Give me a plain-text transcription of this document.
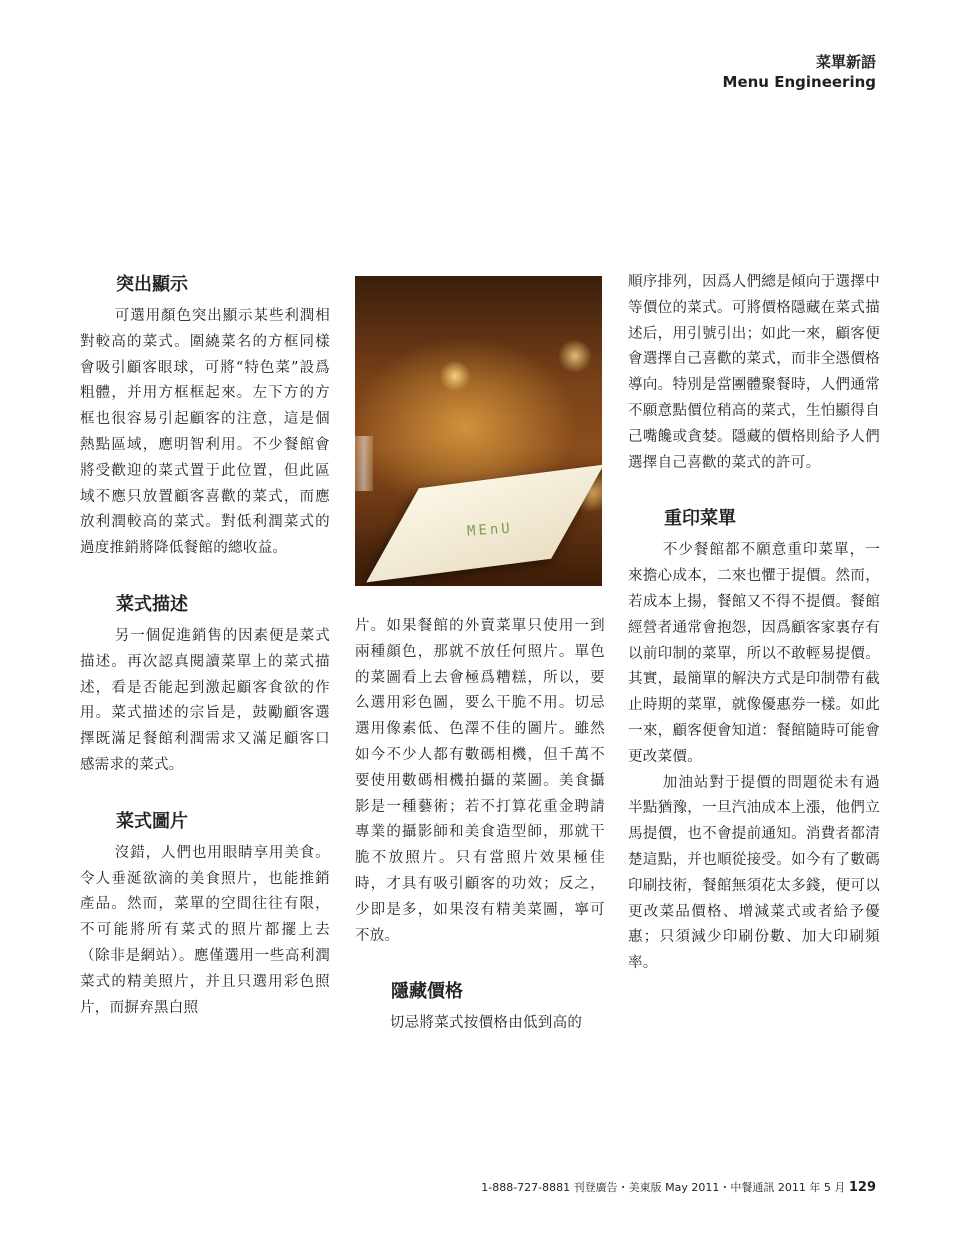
菜單新語
Menu Engineering
突出顯示

可選用顏色突出顯示某些利潤相對較高的菜式。圍繞菜名的方框同樣會吸引顧客眼球，可將“特色菜”設爲粗體，并用方框框起來。左下方的方框也很容易引起顧客的注意，這是個熱點區域，應明智利用。不少餐館會將受歡迎的菜式置于此位置，但此區域不應只放置顧客喜歡的菜式，而應放利潤較高的菜式。對低利潤菜式的過度推銷將降低餐館的總收益。

菜式描述

另一個促進銷售的因素便是菜式描述。再次認真閱讀菜單上的菜式描述，看是否能起到激起顧客食欲的作用。菜式描述的宗旨是，鼓勵顧客選擇既滿足餐館利潤需求又滿足顧客口感需求的菜式。

菜式圖片

沒錯，人們也用眼睛享用美食。令人垂涎欲滴的美食照片，也能推銷產品。然而，菜單的空間往往有限，不可能將所有菜式的照片都擺上去（除非是網站）。應僅選用一些高利潤菜式的精美照片，并且只選用彩色照片，而摒弃黑白照

MEnU

片。如果餐館的外賣菜單只使用一到兩種顔色，那就不放任何照片。單色的菜圖看上去會極爲糟糕，所以，要么選用彩色圖，要么干脆不用。切忌選用像素低、色澤不佳的圖片。雖然如今不少人都有數碼相機，但千萬不要使用數碼相機拍攝的菜圖。美食攝影是一種藝術；若不打算花重金聘請專業的攝影師和美食造型師，那就干脆不放照片。只有當照片效果極佳時，才具有吸引顧客的功效；反之，少即是多，如果沒有精美菜圖，寧可不放。

隱藏價格

切忌將菜式按價格由低到高的

順序排列，因爲人們總是傾向于選擇中等價位的菜式。可將價格隱藏在菜式描述后，用引號引出；如此一來，顧客便會選擇自己喜歡的菜式，而非全憑價格導向。特別是當團體聚餐時，人們通常不願意點價位稍高的菜式，生怕顯得自己嘴饞或貪婪。隱藏的價格則給予人們選擇自己喜歡的菜式的許可。

重印菜單

不少餐館都不願意重印菜單，一來擔心成本，二來也懼于提價。然而，若成本上揚，餐館又不得不提價。餐館經營者通常會抱怨，因爲顧客家裏存有以前印制的菜單，所以不敢輕易提價。其實，最簡單的解決方式是印制帶有截止時期的菜單，就像優惠券一樣。如此一來，顧客便會知道：餐館隨時可能會更改菜價。

加油站對于提價的問題從未有過半點猶豫，一旦汽油成本上漲，他們立馬提價，也不會提前通知。消費者都清楚這點，并也順從接受。如今有了數碼印刷技術，餐館無須花太多錢，便可以更改菜品價格、增減菜式或者給予優惠；只須減少印刷份數、加大印刷頻率。

1-888-727-8881 刊登廣告・美東版 May 2011・中餐通訊 2011 年 5 月 129
